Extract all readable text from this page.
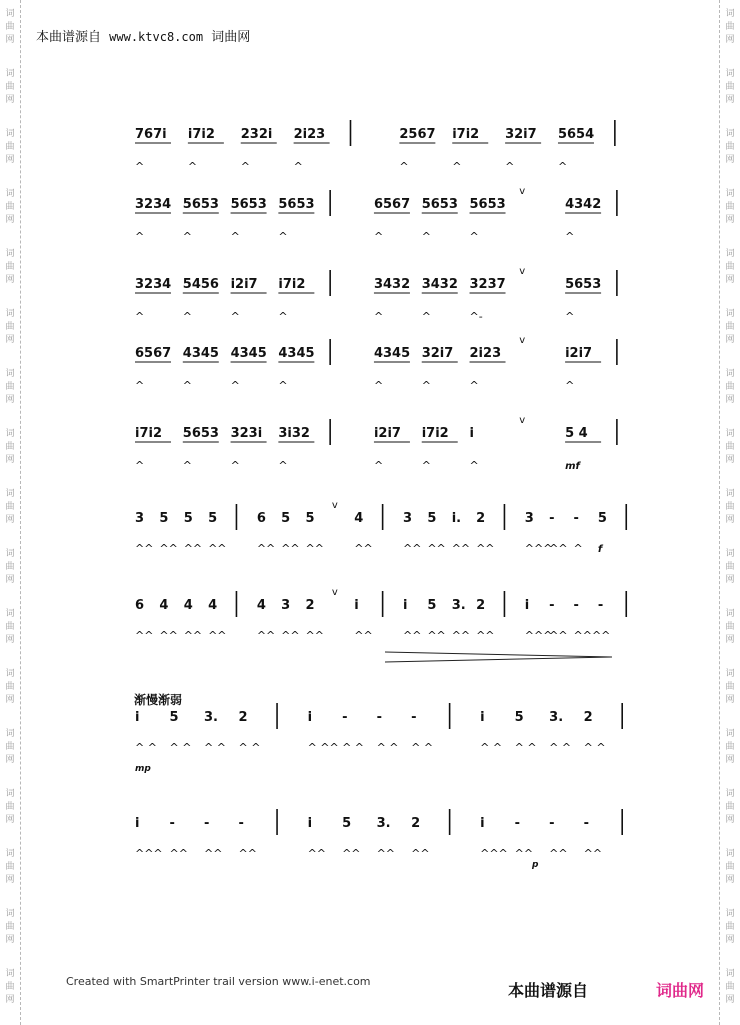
词
曲
网
词
曲
网
词
曲
网
词
曲
网
词
曲
网
词
曲
网
词
曲
网
词
曲
网
词
曲
网
词
曲
网
词
曲
网
词
曲
网
词
曲
网
词
曲
网
词
曲
网
词
曲
网
词
曲
网
词
曲
网
词
曲
网
词
曲
网
词
曲
网
词
曲
网
词
曲
网
词
曲
网
词
曲
网
词
曲
网
词
曲
网
词
曲
网
词
曲
网
词
曲
网
词
曲
网
词
曲
网
词
曲
网
词
曲
网
本曲谱源自 www.ktvc8.com 词曲网
767i
^
i7i2
^
232i
^
2i23
^
2567
^
i7i2
^
32i7
^
5654
^
3234
^
5653
^
5653
^
5653
^
6567
^
5653
^
5653
^
v
4342
^
3234
^
5456
^
i2i7
^
i7i2
^
3432
^
3432
^
3237
^-
v
5653
^
6567
^
4345
^
4345
^
4345
^
4345
^
32i7
^
2i23
^
v
i2i7
^
i7i2
^
5653
^
323i
^
3i32
^
i2i7
^
i7i2
^
i
^
v
5 4
mf
3
^^
5
^^
5
^^
5
^^
6
^^
5
^^
5
^^
v
4
^^
3
^^
5
^^
i.
^^
2
^^
3
^^^
-
^^
-
^
5
f
6
^^
4
^^
4
^^
4
^^
4
^^
3
^^
2
^^
v
i
^^
i
^^
5
^^
3.
^^
2
^^
i
^^^
-
^^
-
^^^^
-
i
^ ^
5
^ ^
3.
^ ^
2
^ ^
i
^ ^^
-
^ ^
-
^ ^
-
^ ^
i
^ ^
5
^ ^
3.
^ ^
2
^ ^
mp
i
^^^
-
^^
-
^^
-
^^
i
^^
5
^^
3.
^^
2
^^
i
^^^
-
^^
-
^^
-
^^
p
渐慢渐弱
Created with SmartPrinter trail version www.i-enet.com	本曲谱源自	词曲网
